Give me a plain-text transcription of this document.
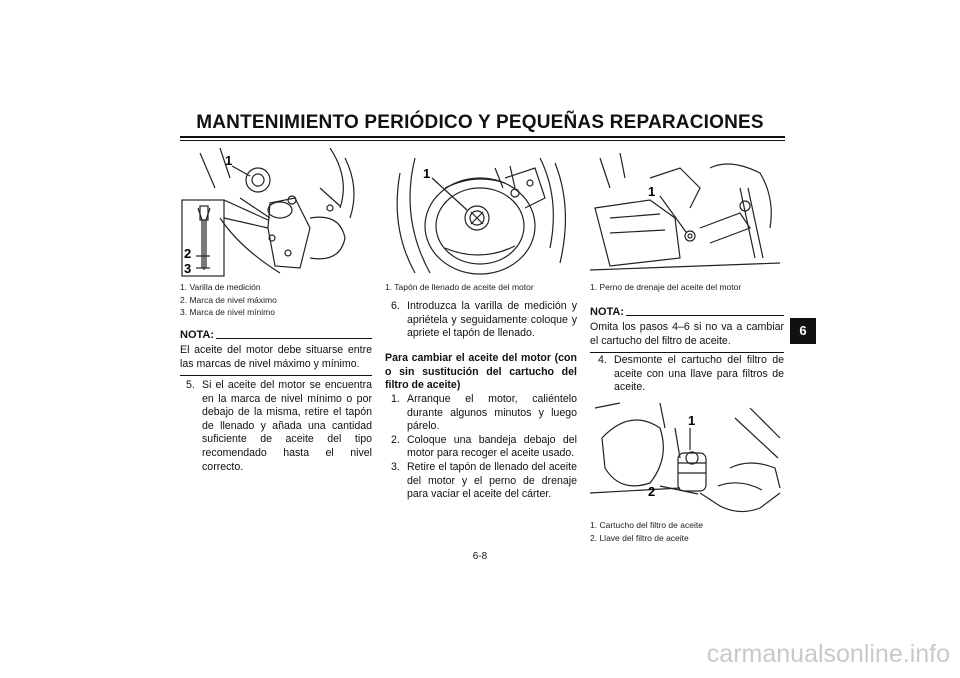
MANTENIMIENTO PERIÓDICO Y PEQUEÑAS REPARACIONES
6
1
2
3
1. Varilla de medición
2. Marca de nivel máximo
3. Marca de nivel mínimo
NOTA:
El aceite del motor debe situarse entre las marcas de nivel máximo y mínimo.
5. Si el aceite del motor se encuentra en la marca de nivel mínimo o por debajo de la misma, retire el tapón de llenado y añada una cantidad suficiente de aceite del tipo recomendado hasta el nivel correcto.
1
1. Tapón de llenado de aceite del motor
6. Introduzca la varilla de medición y apriétela y seguidamente coloque y apriete el tapón de llenado.
Para cambiar el aceite del motor (con o sin sustitución del cartucho del filtro de aceite)
1. Arranque el motor, caliéntelo durante algunos minutos y luego párelo.
2. Coloque una bandeja debajo del motor para recoger el aceite usado.
3. Retire el tapón de llenado del aceite del motor y el perno de drenaje para vaciar el aceite del cárter.
1
1. Perno de drenaje del aceite del motor
NOTA:
Omita los pasos 4–6 si no va a cambiar el cartucho del filtro de aceite.
4. Desmonte el cartucho del filtro de aceite con una llave para filtros de aceite.
1
2
1. Cartucho del filtro de aceite
2. Llave del filtro de aceite
6-8
carmanualsonline.info
